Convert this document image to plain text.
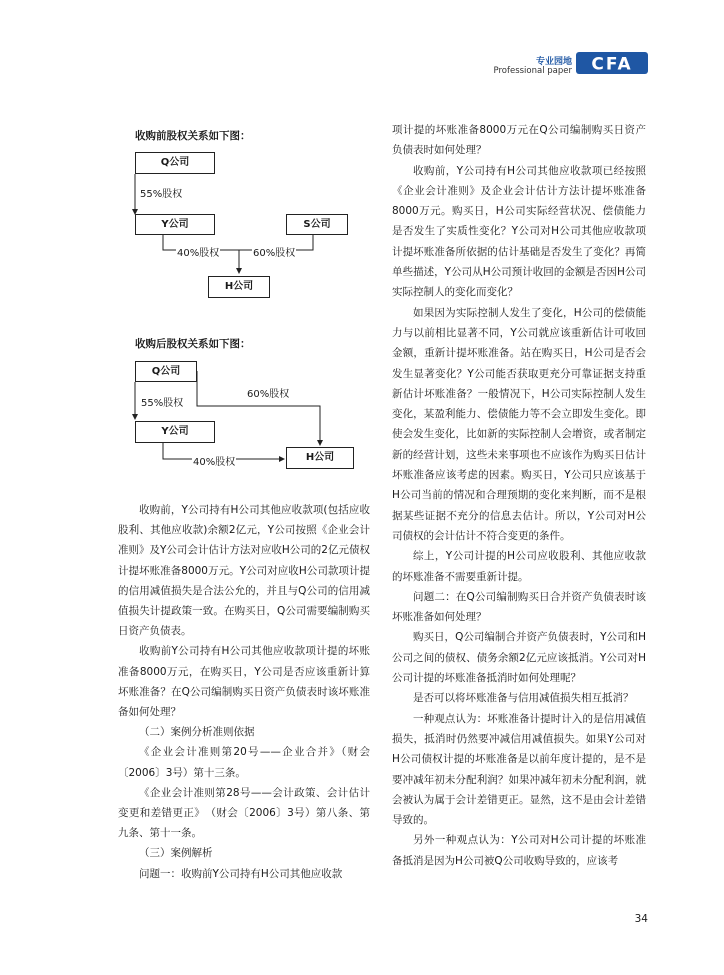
专业园地
Professional paper CFA
收购前股权关系如下图：
Q公司
55%股权
Y公司	S公司
40%股权	60%股权
H公司
收购后股权关系如下图：
Q公司
60%股权
55%股权
Y公司
40%股权	H公司

收购前，Y公司持有H公司其他应收款项(包括应收股利、其他应收款)余额2亿元，Y公司按照《企业会计准则》及Y公司会计估计方法对应收H公司的2亿元债权计提坏账准备8000万元。Y公司对应收H公司款项计提的信用减值损失是合法公允的，并且与Q公司的信用减值损失计提政策一致。在购买日，Q公司需要编制购买日资产负债表。

收购前Y公司持有H公司其他应收款项计提的坏账准备8000万元，在购买日，Y公司是否应该重新计算坏账准备？在Q公司编制购买日资产负债表时该坏账准备如何处理？

（二）案例分析准则依据

《企业会计准则第20号——企业合并》（财会〔2006〕3号）第十三条。

《企业会计准则第28号——会计政策、会计估计变更和差错更正》　（财会〔2006〕3号）第八条、第九条、第十一条。

（三）案例解析

问题一：收购前Y公司持有H公司其他应收款

项计提的坏账准备8000万元在Q公司编制购买日资产负债表时如何处理？

收购前，Y公司持有H公司其他应收款项已经按照《企业会计准则》及企业会计估计方法计提坏账准备8000万元。购买日，H公司实际经营状况、偿债能力是否发生了实质性变化？Y公司对H公司其他应收款项计提坏账准备所依据的估计基础是否发生了变化？再简单些描述，Y公司从H公司预计收回的金额是否因H公司实际控制人的变化而变化？

如果因为实际控制人发生了变化，H公司的偿债能力与以前相比显著不同，Y公司就应该重新估计可收回金额，重新计提坏账准备。站在购买日，H公司是否会发生显著变化？Y公司能否获取更充分可靠证据支持重新估计坏账准备？一般情况下，H公司实际控制人发生变化，某盈利能力、偿债能力等不会立即发生变化。即使会发生变化，比如新的实际控制人会增资，或者制定新的经营计划，这些未来事项也不应该作为购买日估计坏账准备应该考虑的因素。购买日，Y公司只应该基于H公司当前的情况和合理预期的变化来判断，而不是根据某些证据不充分的信息去估计。所以，Y公司对H公司债权的会计估计不符合变更的条件。

综上，Y公司计提的H公司应收股利、其他应收款的坏账准备不需要重新计提。

问题二：在Q公司编制购买日合并资产负债表时该坏账准备如何处理？

购买日，Q公司编制合并资产负债表时，Y公司和H公司之间的债权、债务余额2亿元应该抵消。Y公司对H公司计提的坏账准备抵消时如何处理呢？

是否可以将坏账准备与信用减值损失相互抵消？

一种观点认为：坏账准备计提时计入的是信用减值损失，抵消时仍然要冲减信用减值损失。如果Y公司对H公司债权计提的坏账准备是以前年度计提的，是不是要冲减年初未分配利润？如果冲减年初未分配利润，就会被认为属于会计差错更正。显然，这不是由会计差错导致的。

另外一种观点认为：Y公司对H公司计提的坏账准备抵消是因为H公司被Q公司收购导致的，应该考

34
